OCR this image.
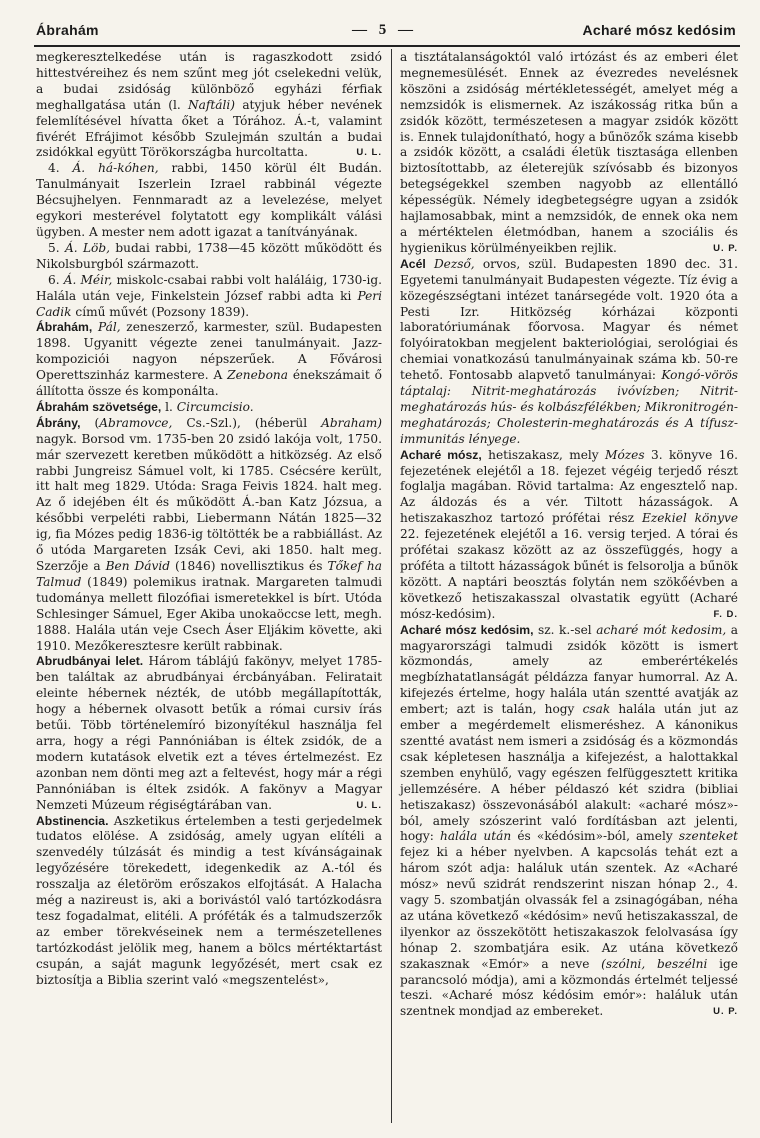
Ábrahám	— 5 —	Acharé mósz kedósim

megkeresztelkedése után is ragaszkodott zsidó hittestvéreihez és nem szűnt meg jót cselekedni velük, a budai zsidóság különböző egyházi férfiak meghallgatása után (l. Naftáli) atyjuk héber nevének felemlítésével hívatta őket a Tórához. Á.-t, valamint fivérét Efrájimot később Szulejmán szultán a budai zsidókkal együtt Törökországba hurcoltatta.	U. L.

4. Á. há-kóhen, rabbi, 1450 körül élt Budán. Tanulmányait Iszerlein Izrael rabbinál végezte Bécsujhelyen. Fennmaradt az a levelezése, melyet egykori mesterével folytatott egy komplikált válási ügyben. A mester nem adott igazat a tanítványának.

5. Á. Löb, budai rabbi, 1738—45 között működött és Nikolsburgból származott.

6. Á. Méir, miskolc-csabai rabbi volt haláláig, 1730-ig. Halála után veje, Finkelstein József rabbi adta ki Peri Cadik című művét (Pozsony 1839).

Ábrahám, Pál, zeneszerző, karmester, szül. Budapesten 1898. Ugyanitt végezte zenei tanulmányait. Jazz-kompoziciói nagyon népszerűek. A Fővárosi Operettszinház karmestere. A Zenebona énekszámait ő állította össze és komponálta.

Ábrahám szövetsége, l. Circumcisio.

Ábrány, (Abramovce, Cs.-Szl.), (héberül Abraham) nagyk. Borsod vm. 1735-ben 20 zsidó lakója volt, 1750. már szervezett keretben működött a hitközség. Az első rabbi Jungreisz Sámuel volt, ki 1785. Csécsére került, itt halt meg 1829. Utóda: Sraga Feivis 1824. halt meg. Az ő idejében élt és működött Á.-ban Katz Józsua, a későbbi verpeléti rabbi, Liebermann Nátán 1825—32 ig, fia Mózes pedig 1836-ig töltötték be a rabbiállást. Az ő utóda Margareten Izsák Cevi, aki 1850. halt meg. Szerzője a Ben Dávid (1846) novellisztikus és Tőkef ha Talmud (1849) polemikus iratnak. Margareten talmudi tudománya mellett filozófiai ismeretekkel is bírt. Utóda Schlesinger Sámuel, Eger Akiba unokaöccse lett, megh. 1888. Halála után veje Csech Áser Eljákim követte, aki 1910. Mezőkeresztesre került rabbinak.

Abrudbányai lelet. Három táblájú fakönyv, melyet 1785-ben találtak az abrudbányai ércbányában. Feliratait eleinte hébernek nézték, de utóbb megállapították, hogy a hébernek olvasott betűk a római cursiv írás betűi. Több történelemíró bizonyítékul használja fel arra, hogy a régi Pannóniában is éltek zsidók, de a modern kutatások elvetik ezt a téves értelmezést. Ez azonban nem dönti meg azt a feltevést, hogy már a régi Pannóniában is éltek zsidók. A fakönyv a Magyar Nemzeti Múzeum régiségtárában van.	U. L.

Abstinencia. Aszketikus értelemben a testi gerjedelmek tudatos elölése. A zsidóság, amely ugyan elítéli a szenvedély túlzását és mindig a test kívánságainak legyőzésére törekedett, idegenkedik az A.-tól és rosszalja az életöröm erőszakos elfojtását. A Halacha még a nazireust is, aki a borivástól való tartózkodásra tesz fogadalmat, elitéli. A próféták és a talmudszerzők az ember törekvéseinek nem a természetellenes tartózkodást jelölik meg, hanem a bölcs mértéktartást csupán, a saját magunk legyőzését, mert csak ez biztosítja a Biblia szerint való «megszentelést»,

a tisztátalanságoktól való irtózást és az emberi élet megnemesülését. Ennek az évezredes nevelésnek köszöni a zsidóság mértékletességét, amelyet még a nemzsidók is elismernek. Az iszákosság ritka bűn a zsidók között, természetesen a magyar zsidók között is. Ennek tulajdonítható, hogy a bűnözők száma kisebb a zsidók között, a családi életük tisztasága ellenben biztosítottabb, az életerejük szívósabb és bizonyos betegségekkel szemben nagyobb az ellentálló képességük. Némely idegbetegségre ugyan a zsidók hajlamosabbak, mint a nemzsidók, de ennek oka nem a mértéktelen életmódban, hanem a szociális és hygienikus körülményeikben rejlik.	U. P.

Acél Dezső, orvos, szül. Budapesten 1890 dec. 31. Egyetemi tanulmányait Budapesten végezte. Tíz évig a közegészségtani intézet tanársegéde volt. 1920 óta a Pesti Izr. Hitközség kórházai központi laboratóriumának főorvosa. Magyar és német folyóiratokban megjelent bakteriológiai, serológiai és chemiai vonatkozású tanulmányainak száma kb. 50-re tehető. Fontosabb alapvető tanulmányai: Kongó-vörös táptalaj: Nitrit-meghatározás ivóvízben; Nitrit-meghatározás hús- és kolbászfélékben; Mikronitrogén-meghatározás; Cholesterin-meghatározás és A tífusz-immunitás lényege.

Acharé mósz, hetiszakasz, mely Mózes 3. könyve 16. fejezetének elejétől a 18. fejezet végéig terjedő részt foglalja magában. Rövid tartalma: Az engesztelő nap. Az áldozás és a vér. Tiltott házasságok. A hetiszakaszhoz tartozó prófétai rész Ezekiel könyve 22. fejezetének elejétől a 16. versig terjed. A tórai és prófétai szakasz között az az összefüggés, hogy a próféta a tiltott házasságok bűnét is felsorolja a bűnök között. A naptári beosztás folytán nem szökőévben a következő hetiszakasszal olvastatik együtt (Acharé mósz-kedósim).	F. D.

Acharé mósz kedósim, sz. k.-sel acharé mót kedosim, a magyarországi talmudi zsidók között is ismert közmondás, amely az emberértékelés megbízhatatlanságát példázza fanyar humorral. Az A. kifejezés értelme, hogy halála után szentté avatják az embert; azt is talán, hogy csak halála után jut az ember a megérdemelt elismeréshez. A kánonikus szentté avatást nem ismeri a zsidóság és a közmondás csak képletesen használja a kifejezést, a halottakkal szemben enyhülő, vagy egészen felfüggesztett kritika jellemzésére. A héber példaszó két szidra (bibliai hetiszakasz) összevonásából alakult: «acharé mósz»-ból, amely szószerint való fordításban azt jelenti, hogy: halála után és «kédósim»-ból, amely szenteket fejez ki a héber nyelvben. A kapcsolás tehát ezt a három szót adja: haláluk után szentek. Az «Acharé mósz» nevű szidrát rendszerint niszan hónap 2., 4. vagy 5. szombatján olvassák fel a zsinagógában, néha az utána következő «kédósim» nevű hetiszakasszal, de ilyenkor az összekötött hetiszakaszok felolvasása így hónap 2. szombatjára esik. Az utána következő szakasznak «Emór» a neve (szólni, beszélni ige parancsoló módja), ami a közmondás értelmét teljessé teszi. «Acharé mósz kédósim emór»: haláluk után szentnek mondjad az embereket.	U. P.
